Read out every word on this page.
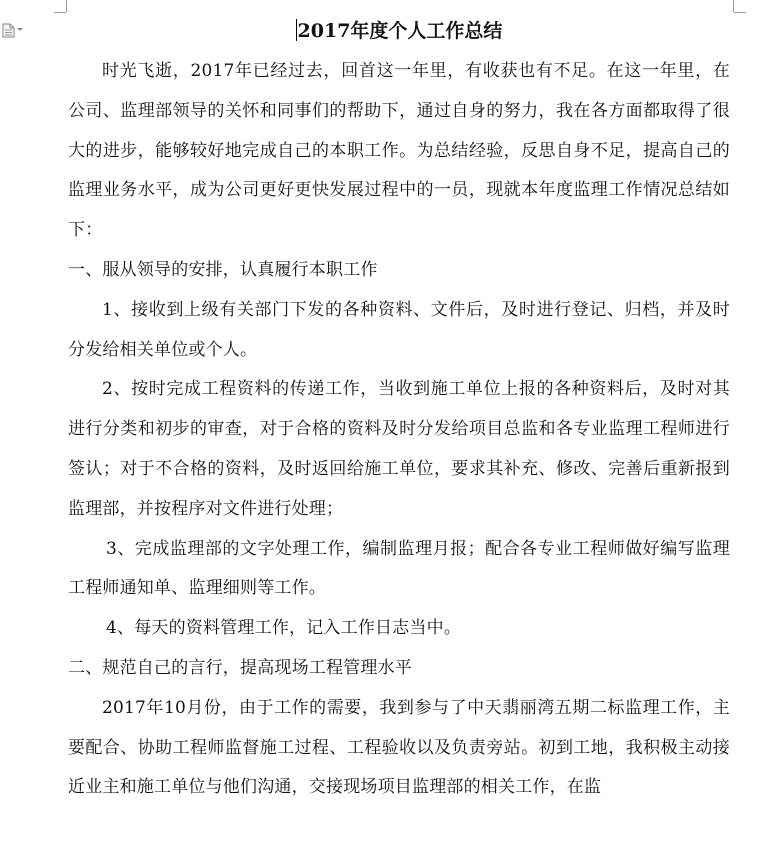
2017年度个人工作总结

时光飞逝，2017年已经过去，回首这一年里，有收获也有不足。在这一年里，在公司、监理部领导的关怀和同事们的帮助下，通过自身的努力，我在各方面都取得了很大的进步，能够较好地完成自己的本职工作。为总结经验，反思自身不足，提高自己的监理业务水平，成为公司更好更快发展过程中的一员，现就本年度监理工作情况总结如下：

一、服从领导的安排，认真履行本职工作

1、接收到上级有关部门下发的各种资料、文件后，及时进行登记、归档，并及时分发给相关单位或个人。

2、按时完成工程资料的传递工作，当收到施工单位上报的各种资料后，及时对其进行分类和初步的审查，对于合格的资料及时分发给项目总监和各专业监理工程师进行签认；对于不合格的资料，及时返回给施工单位，要求其补充、修改、完善后重新报到监理部，并按程序对文件进行处理；

3、完成监理部的文字处理工作，编制监理月报；配合各专业工程师做好编写监理工程师通知单、监理细则等工作。

4、每天的资料管理工作，记入工作日志当中。

二、规范自己的言行，提高现场工程管理水平

2017年10月份，由于工作的需要，我到参与了中天翡丽湾五期二标监理工作，主要配合、协助工程师监督施工过程、工程验收以及负责旁站。初到工地，我积极主动接近业主和施工单位与他们沟通，交接现场项目监理部的相关工作，在监
